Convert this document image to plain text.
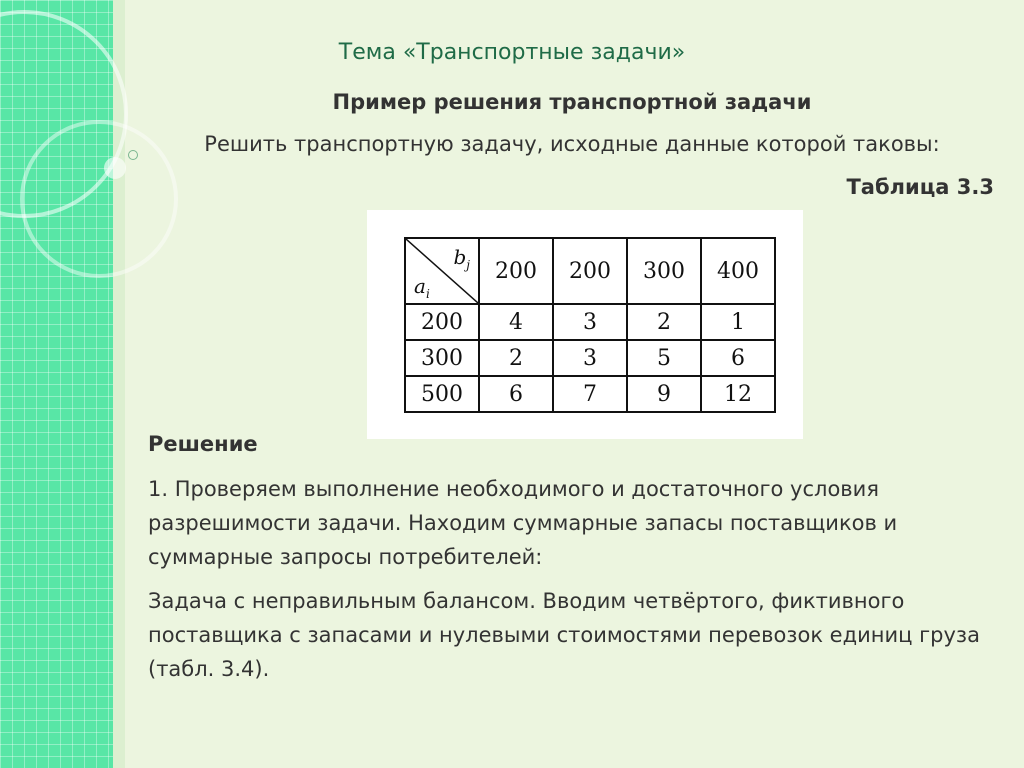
Тема «Транспортные задачи»
Пример решения транспортной задачи
Решить транспортную задачу, исходные данные которой таковы:
Таблица 3.3
$b_j$
$a_i$	200	200	300	400
200	4	3	2	1
300	2	3	5	6
500	6	7	9	12
Решение
1. Проверяем выполнение необходимого и достаточного условия разрешимости задачи. Находим суммарные запасы поставщиков и суммарные запросы потребителей:
Задача с неправильным балансом. Вводим четвёртого, фиктивного поставщика с запасами и нулевыми стоимостями перевозок единиц груза (табл. 3.4).
